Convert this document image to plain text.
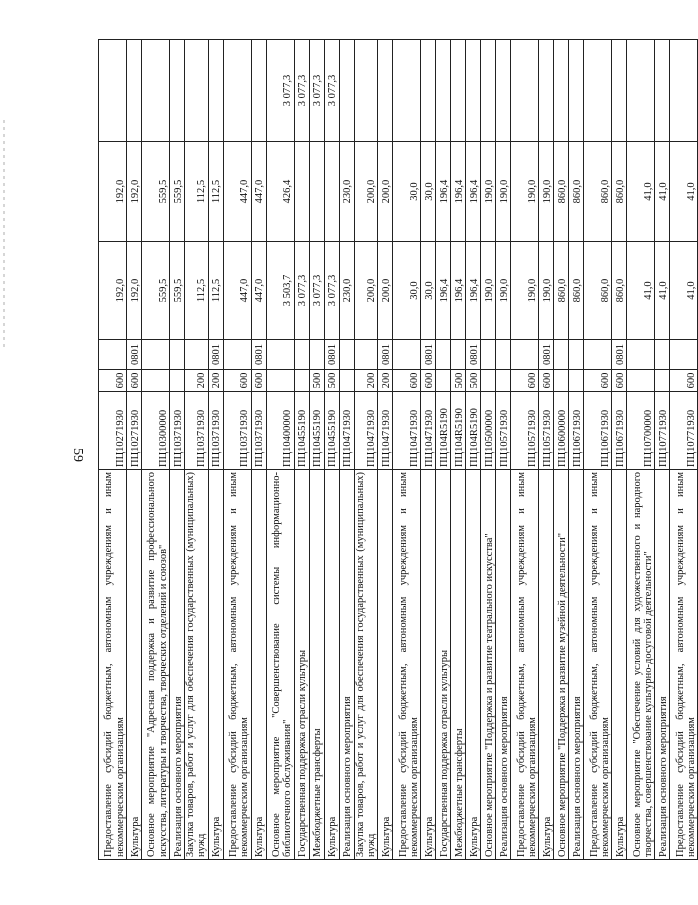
59
Предоставление субсидий бюджетным, автономным учреждениям и иным некоммерческим организациям	ПЦ10271930	600		192,0	192,0	
Культура	ПЦ10271930	600	0801	192,0	192,0	
Основное мероприятие "Адресная поддержка и развитие профессионального искусства, литературы и творчества, творческих отделений и союзов"	ПЦ10300000			559,5	559,5	
Реализация основного мероприятия	ПЦ10371930			559,5	559,5	
Закупка товаров, работ и услуг для обеспечения государственных (муниципальных) нужд	ПЦ10371930	200		112,5	112,5	
Культура	ПЦ10371930	200	0801	112,5	112,5	
Предоставление субсидий бюджетным, автономным учреждениям и иным некоммерческим организациям	ПЦ10371930	600		447,0	447,0	
Культура	ПЦ10371930	600	0801	447,0	447,0	
Основное мероприятие "Совершенствование системы информационно-библиотечного обслуживания"	ПЦ10400000			3 503,7	426,4	3 077,3
Государственная поддержка отрасли культуры	ПЦ10455190			3 077,3		3 077,3
Межбюджетные трансферты	ПЦ10455190	500		3 077,3		3 077,3
Культура	ПЦ10455190	500	0801	3 077,3		3 077,3
Реализация основного мероприятия	ПЦ10471930			230,0	230,0	
Закупка товаров, работ и услуг для обеспечения государственных (муниципальных) нужд	ПЦ10471930	200		200,0	200,0	
Культура	ПЦ10471930	200	0801	200,0	200,0	
Предоставление субсидий бюджетным, автономным учреждениям и иным некоммерческим организациям	ПЦ10471930	600		30,0	30,0	
Культура	ПЦ10471930	600	0801	30,0	30,0	
Государственная поддержка отрасли культуры	ПЦ104R5190			196,4	196,4	
Межбюджетные трансферты	ПЦ104R5190	500		196,4	196,4	
Культура	ПЦ104R5190	500	0801	196,4	196,4	
Основное мероприятие "Поддержка и развитие театрального искусства"	ПЦ10500000			190,0	190,0	
Реализация основного мероприятия	ПЦ10571930			190,0	190,0	
Предоставление субсидий бюджетным, автономным учреждениям и иным некоммерческим организациям	ПЦ10571930	600		190,0	190,0	
Культура	ПЦ10571930	600	0801	190,0	190,0	
Основное мероприятие "Поддержка и развитие музейной деятельности"	ПЦ10600000			860,0	860,0	
Реализация основного мероприятия	ПЦ10671930			860,0	860,0	
Предоставление субсидий бюджетным, автономным учреждениям и иным некоммерческим организациям	ПЦ10671930	600		860,0	860,0	
Культура	ПЦ10671930	600	0801	860,0	860,0	
Основное мероприятие "Обеспечение условий для художественного и народного творчества, совершенствование культурно-досуговой деятельности"	ПЦ10700000			41,0	41,0	
Реализация основного мероприятия	ПЦ10771930			41,0	41,0	
Предоставление субсидий бюджетным, автономным учреждениям и иным некоммерческим организациям	ПЦ10771930	600		41,0	41,0	
